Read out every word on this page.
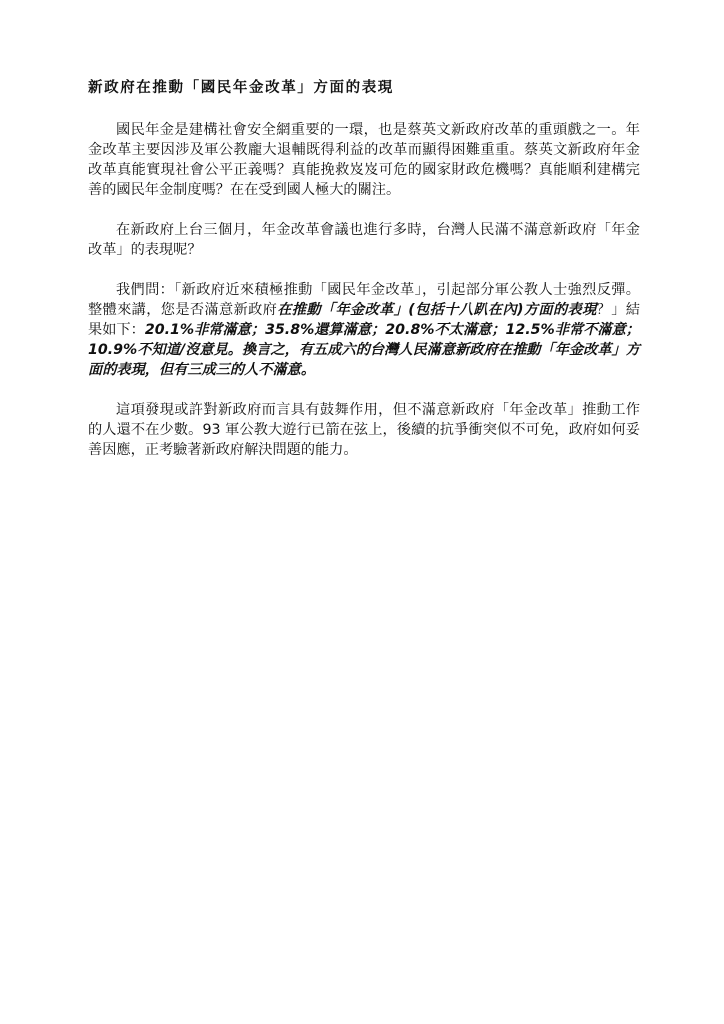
新政府在推動「國民年金改革」方面的表現

國民年金是建構社會安全網重要的一環，也是蔡英文新政府改革的重頭戲之一。年金改革主要因涉及軍公教龐大退輔既得利益的改革而顯得困難重重。蔡英文新政府年金改革真能實現社會公平正義嗎？真能挽救岌岌可危的國家財政危機嗎？真能順利建構完善的國民年金制度嗎？在在受到國人極大的關注。

在新政府上台三個月，年金改革會議也進行多時，台灣人民滿不滿意新政府「年金改革」的表現呢？

我們問：「新政府近來積極推動「國民年金改革」，引起部分軍公教人士強烈反彈。整體來講，您是否滿意新政府在推動「年金改革」(包括十八趴在內)方面的表現？」結果如下：20.1%非常滿意；35.8%還算滿意；20.8%不太滿意；12.5%非常不滿意；10.9%不知道/沒意見。換言之，有五成六的台灣人民滿意新政府在推動「年金改革」方面的表現，但有三成三的人不滿意。

這項發現或許對新政府而言具有鼓舞作用，但不滿意新政府「年金改革」推動工作的人還不在少數。93 軍公教大遊行已箭在弦上，後續的抗爭衝突似不可免，政府如何妥善因應，正考驗著新政府解決問題的能力。
